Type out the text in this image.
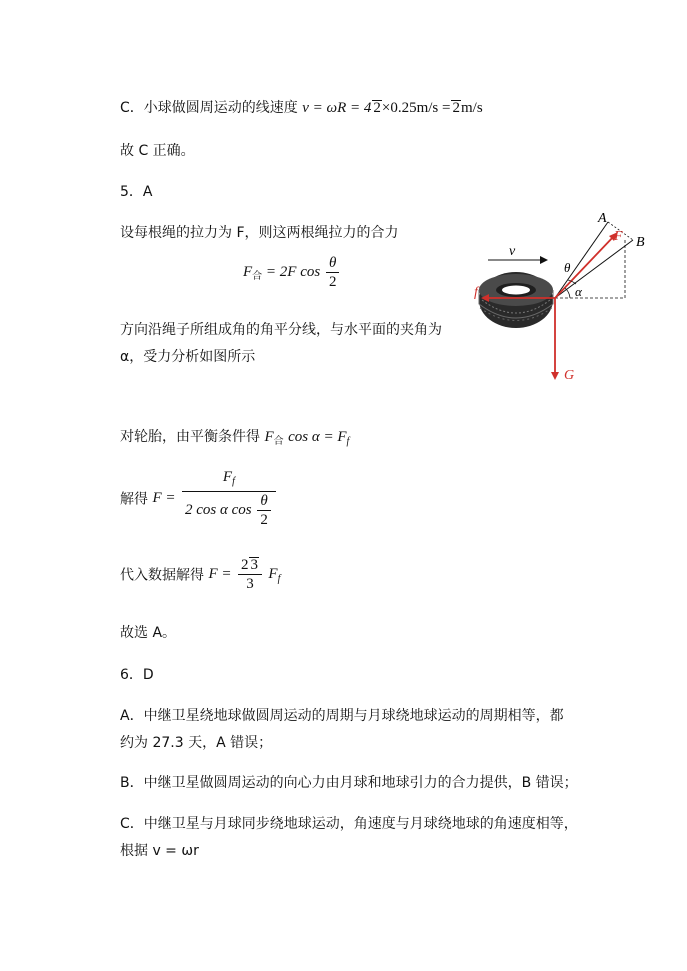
C．小球做圆周运动的线速度 v = ωR = 4 2×0.25m/s = 2m/s
故 C 正确。
5．A
设每根绳的拉力为 F，则这两根绳拉力的合力
$F_合 = 2F$ $\cos \frac{\theta}{2}$
方向沿绳子所组成角的角平分线，与水平面的夹角为
α，受力分析如图所示
v
A
F B
θ
α
f
G
对轮胎，由平衡条件得 $F_合$ $\cos \alpha = F_f$
解得 $F = \frac{F_f}{2 \cos \alpha \cos \frac{\theta}{2}}$
代入数据解得 $F = \frac{2 3}{3} F_f$
故选 A。
6．D
A．中继卫星绕地球做圆周运动的周期与月球绕地球运动的周期相等，都
约为 27.3 天，A 错误；
B．中继卫星做圆周运动的向心力由月球和地球引力的合力提供，B 错误；
C．中继卫星与月球同步绕地球运动，角速度与月球绕地球的角速度相等，
根据 v = ωr
